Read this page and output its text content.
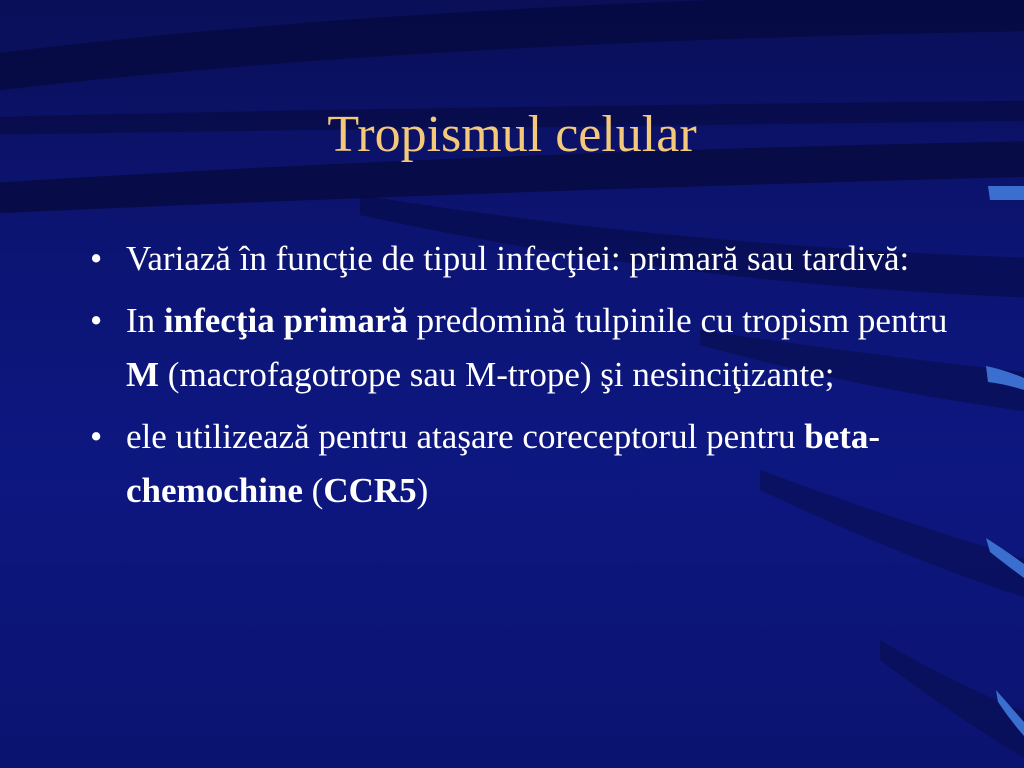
Tropismul celular
• Variază în funcţie de tipul infecţiei: primară sau tardivă:
• In infecţia primară predomină tulpinile cu tropism pentru M (macrofagotrope sau M-trope) şi nesinciţizante;
• ele utilizează pentru ataşare coreceptorul pentru beta-chemochine (CCR5)
